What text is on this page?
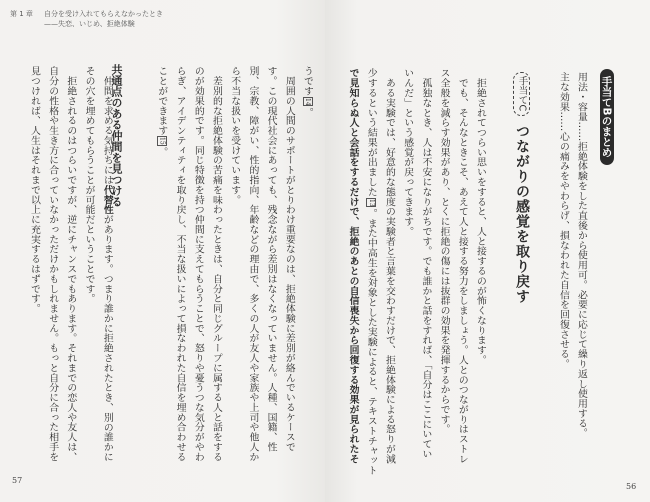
第 1 章 自分を受け入れてもらえなかったとき
——失恋、いじめ、拒絶体験
うです14。
　周囲の人間のサポートがとりわけ重要なのは、拒絶体験に差別が絡んでいるケースで
す。この現代社会にあっても、残念ながら差別はなくなっていません。人種、国籍、性
別、宗教、障がい、性的指向、年齢などの理由で、多くの人が友人や家族や上司や他人か
ら不当な扱いを受けています。
　差別的な拒絶体験の苦痛を味わったときは、自分と同じグループに属する人と話をする
のが効果的です。同じ特徴を持つ仲間に支えてもらうことで、怒りや憂うつな気分がやわ
らぎ、アイデンティティを取り戻し、不当な扱いによって損なわれた自信を埋め合わせる
ことができます15。

　仲間を求める気持ちには代替性があります。つまり誰かに拒絶されたとき、別の誰かに
その穴を埋めてもらうことが可能だということです。
　拒絶されるのはつらいですが、逆にチャンスでもあります。それまでの恋人や友人は、
自分の性格や生き方に合っていなかっただけかもしれません。もっと自分に合った相手を
見つければ、人生はそれまで以上に充実するはずです。	共通点のある仲間を見つける
57
手当てBのまとめ
用法・容量……拒絶体験をした直後から使用可。必要に応じて繰り返し使用する。
主な効果……心の痛みをやわらげ、損なわれた自信を回復させる。
手当てC
つながりの感覚を取り戻す
　拒絶されてつらい思いをすると、人と接するのが怖くなります。
　でも、そんなときこそ、あえて人と接する努力をしましょう。人とのつながりはストレ
ス全般を減らす効果があり、とくに拒絶の傷には抜群の効果を発揮するからです。
　孤独なとき、人は不安になりがちです。でも誰かと話をすれば、「自分はここにいてい
いんだ」という感覚が戻ってきます。
　ある実験では、好意的な態度の実験者と言葉を交わすだけで、拒絶体験による怒りが減
少するという結果が出ました13。また中高生を対象とした実験によると、テキストチャット
で見知らぬ人と会話をするだけで、拒絶のあとの自信喪失から回復する効果が見られたそ
56
